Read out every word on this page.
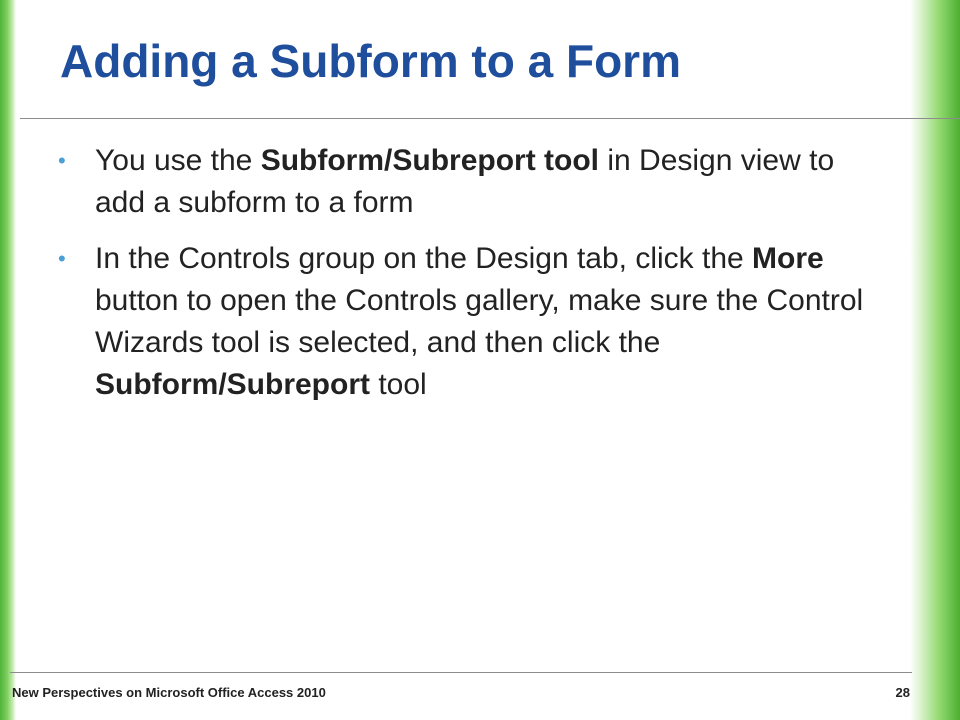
Adding a Subform to a Form
• You use the Subform/Subreport tool in Design view to add a subform to a form
• In the Controls group on the Design tab, click the More button to open the Controls gallery, make sure the Control Wizards tool is selected, and then click the Subform/Subreport tool
New Perspectives on Microsoft Office Access 2010	28
